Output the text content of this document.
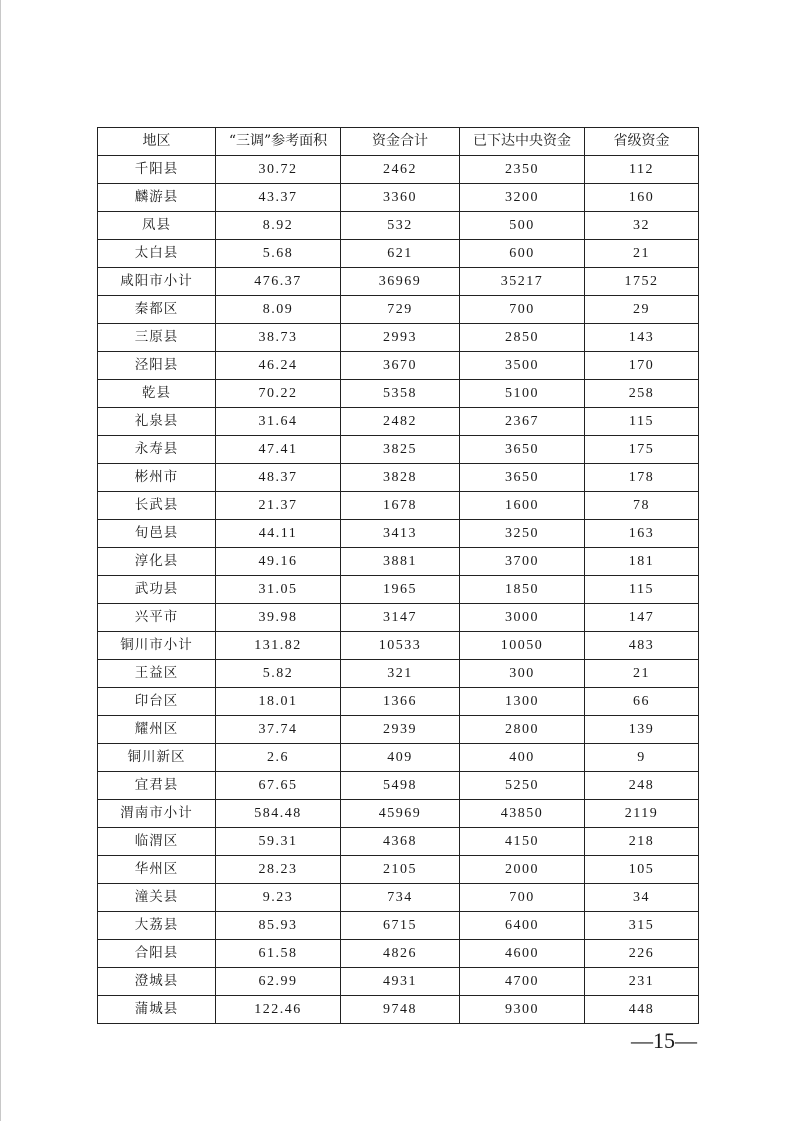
地区	“三调”参考面积	资金合计	已下达中央资金	省级资金
千阳县	30.72	2462	2350	112
麟游县	43.37	3360	3200	160
凤县	8.92	532	500	32
太白县	5.68	621	600	21
咸阳市小计	476.37	36969	35217	1752
秦都区	8.09	729	700	29
三原县	38.73	2993	2850	143
泾阳县	46.24	3670	3500	170
乾县	70.22	5358	5100	258
礼泉县	31.64	2482	2367	115
永寿县	47.41	3825	3650	175
彬州市	48.37	3828	3650	178
长武县	21.37	1678	1600	78
旬邑县	44.11	3413	3250	163
淳化县	49.16	3881	3700	181
武功县	31.05	1965	1850	115
兴平市	39.98	3147	3000	147
铜川市小计	131.82	10533	10050	483
王益区	5.82	321	300	21
印台区	18.01	1366	1300	66
耀州区	37.74	2939	2800	139
铜川新区	2.6	409	400	9
宜君县	67.65	5498	5250	248
渭南市小计	584.48	45969	43850	2119
临渭区	59.31	4368	4150	218
华州区	28.23	2105	2000	105
潼关县	9.23	734	700	34
大荔县	85.93	6715	6400	315
合阳县	61.58	4826	4600	226
澄城县	62.99	4931	4700	231
蒲城县	122.46	9748	9300	448
—15—
